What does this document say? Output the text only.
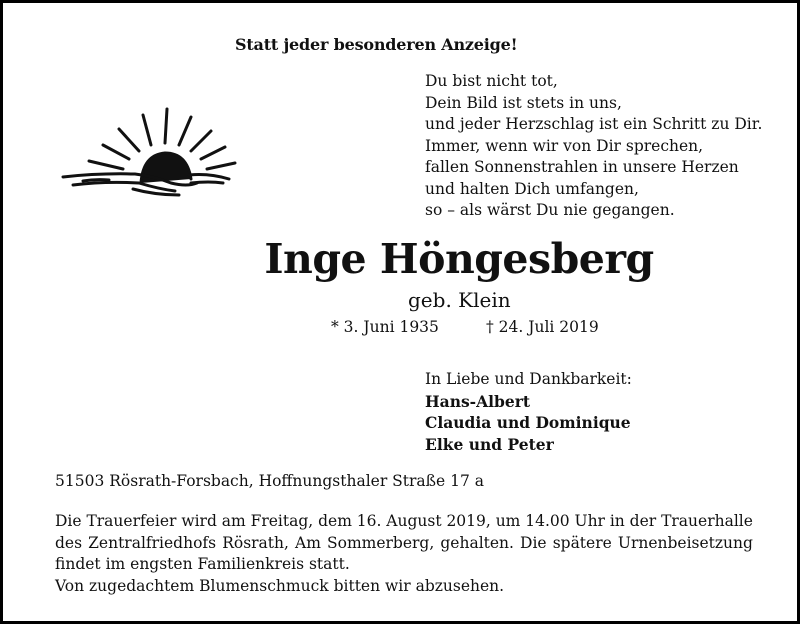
Statt jeder besonderen Anzeige!
Du bist nicht tot,
Dein Bild ist stets in uns,
und jeder Herzschlag ist ein Schritt zu Dir.
Immer, wenn wir von Dir sprechen,
fallen Sonnenstrahlen in unsere Herzen
und halten Dich umfangen,
so – als wärst Du nie gegangen.
Inge Höngesberg
geb. Klein
* 3. Juni 1935	† 24. Juli 2019
In Liebe und Dankbarkeit:
Hans-Albert
Claudia und Dominique
Elke und Peter
51503 Rösrath-Forsbach, Hoffnungsthaler Straße 17 a
Die Trauerfeier wird am Freitag, dem 16. August 2019, um 14.00 Uhr in der Trauerhalle
des Zentralfriedhofs Rösrath, Am Sommerberg, gehalten. Die spätere Urnenbeisetzung
findet im engsten Familienkreis statt.
Von zugedachtem Blumenschmuck bitten wir abzusehen.
